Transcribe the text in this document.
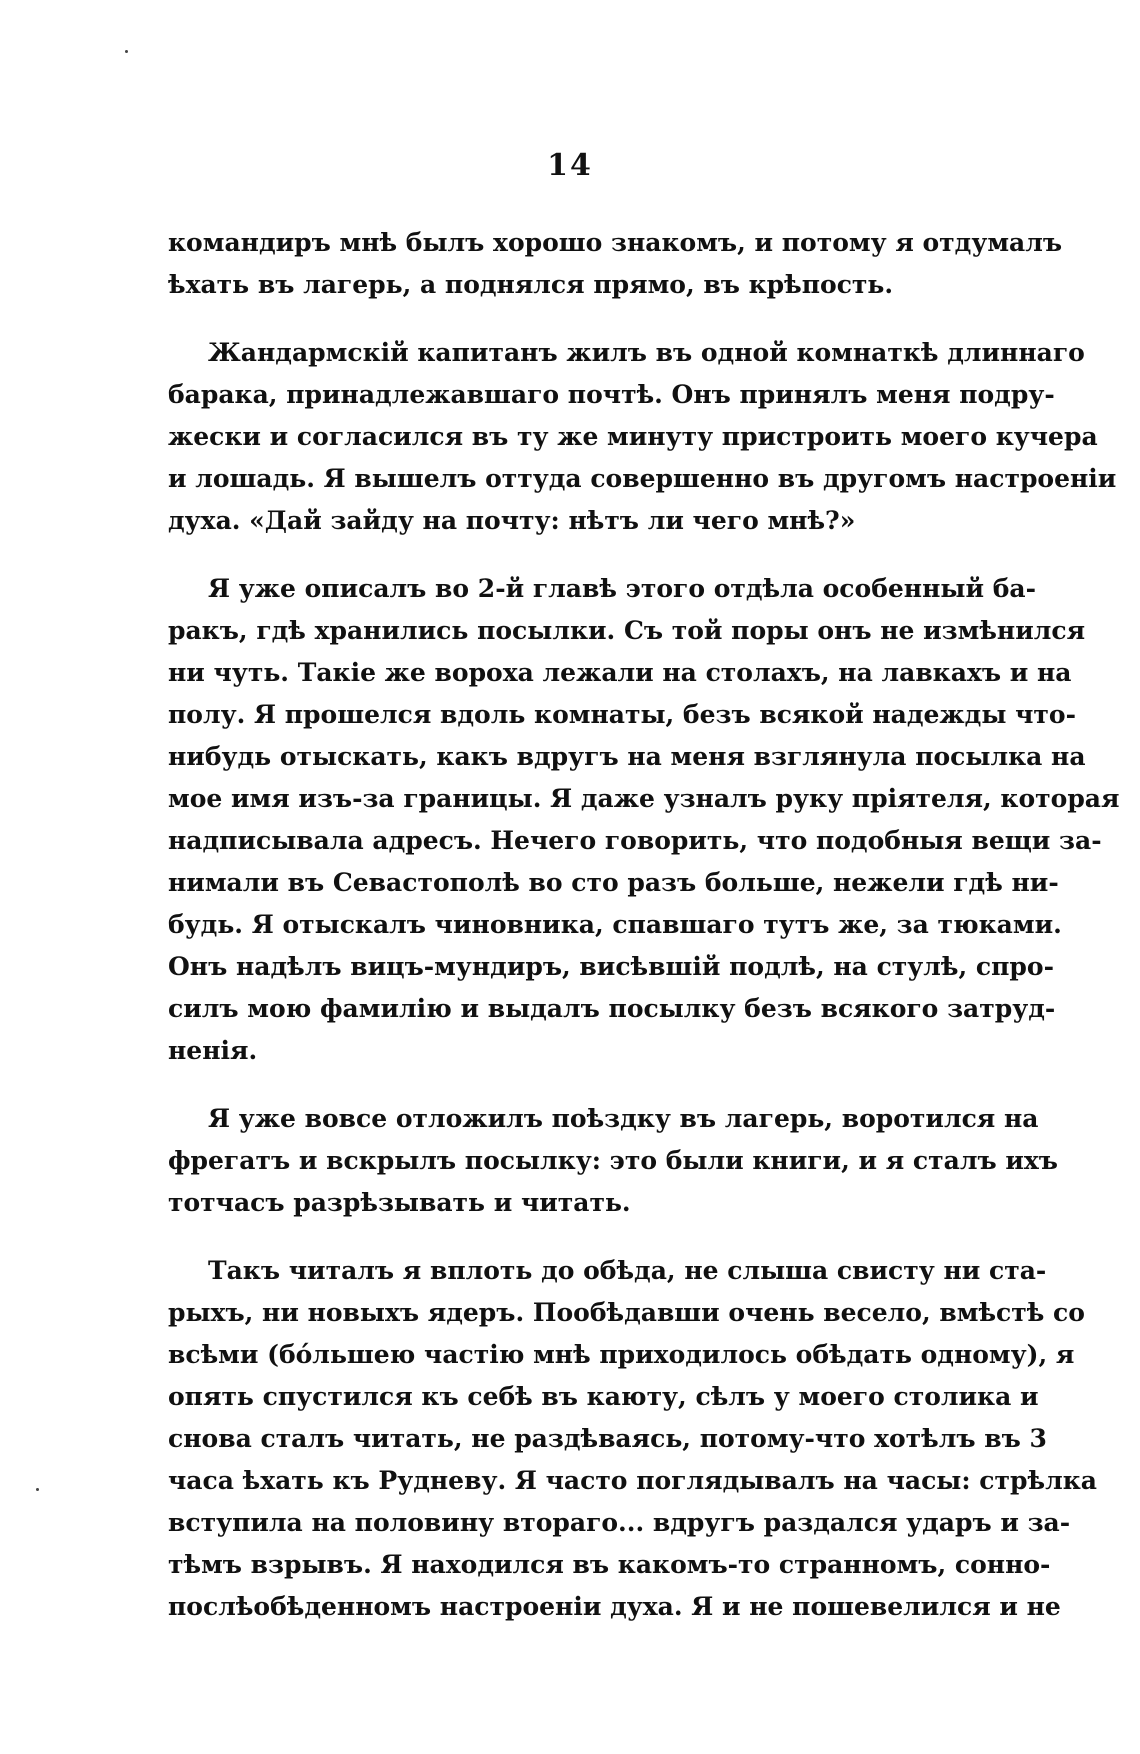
14
командиръ мнѣ былъ хорошо знакомъ, и потому я отдумалъ
ѣхать въ лагерь, а поднялся прямо, въ крѣпость.
Жандармскій капитанъ жилъ въ одной комнаткѣ длиннаго
барака, принадлежавшаго почтѣ. Онъ принялъ меня подру-
жески и согласился въ ту же минуту пристроить моего кучера
и лошадь. Я вышелъ оттуда совершенно въ другомъ настроеніи
духа. «Дай зайду на почту: нѣтъ ли чего мнѣ?»
Я уже описалъ во 2-й главѣ этого отдѣла особенный ба-
ракъ, гдѣ хранились посылки. Съ той поры онъ не измѣнился
ни чуть. Такіе же вороха лежали на столахъ, на лавкахъ и на
полу. Я прошелся вдоль комнаты, безъ всякой надежды что-
нибудь отыскать, какъ вдругъ на меня взглянула посылка на
мое имя изъ-за границы. Я даже узналъ руку пріятеля, которая
надписывала адресъ. Нечего говорить, что подобныя вещи за-
нимали въ Севастополѣ во сто разъ больше, нежели гдѣ ни-
будь. Я отыскалъ чиновника, спавшаго тутъ же, за тюками.
Онъ надѣлъ вицъ-мундиръ, висѣвшій подлѣ, на стулѣ, спро-
силъ мою фамилію и выдалъ посылку безъ всякого затруд-
ненія.
Я уже вовсе отложилъ поѣздку въ лагерь, воротился на
фрегатъ и вскрылъ посылку: это были книги, и я сталъ ихъ
тотчасъ разрѣзывать и читать.
Такъ читалъ я вплоть до обѣда, не слыша свисту ни ста-
рыхъ, ни новыхъ ядеръ. Пообѣдавши очень весело, вмѣстѣ со
всѣми (бо́льшею частію мнѣ приходилось обѣдать одному), я
опять спустился къ себѣ въ каюту, сѣлъ у моего столика и
снова сталъ читать, не раздѣваясь, потому-что хотѣлъ въ 3
часа ѣхать къ Рудневу. Я часто поглядывалъ на часы: стрѣлка
вступила на половину втораго... вдругъ раздался ударъ и за-
тѣмъ взрывъ. Я находился въ какомъ-то странномъ, сонно-
послѣобѣденномъ настроеніи духа. Я и не пошевелился и не
